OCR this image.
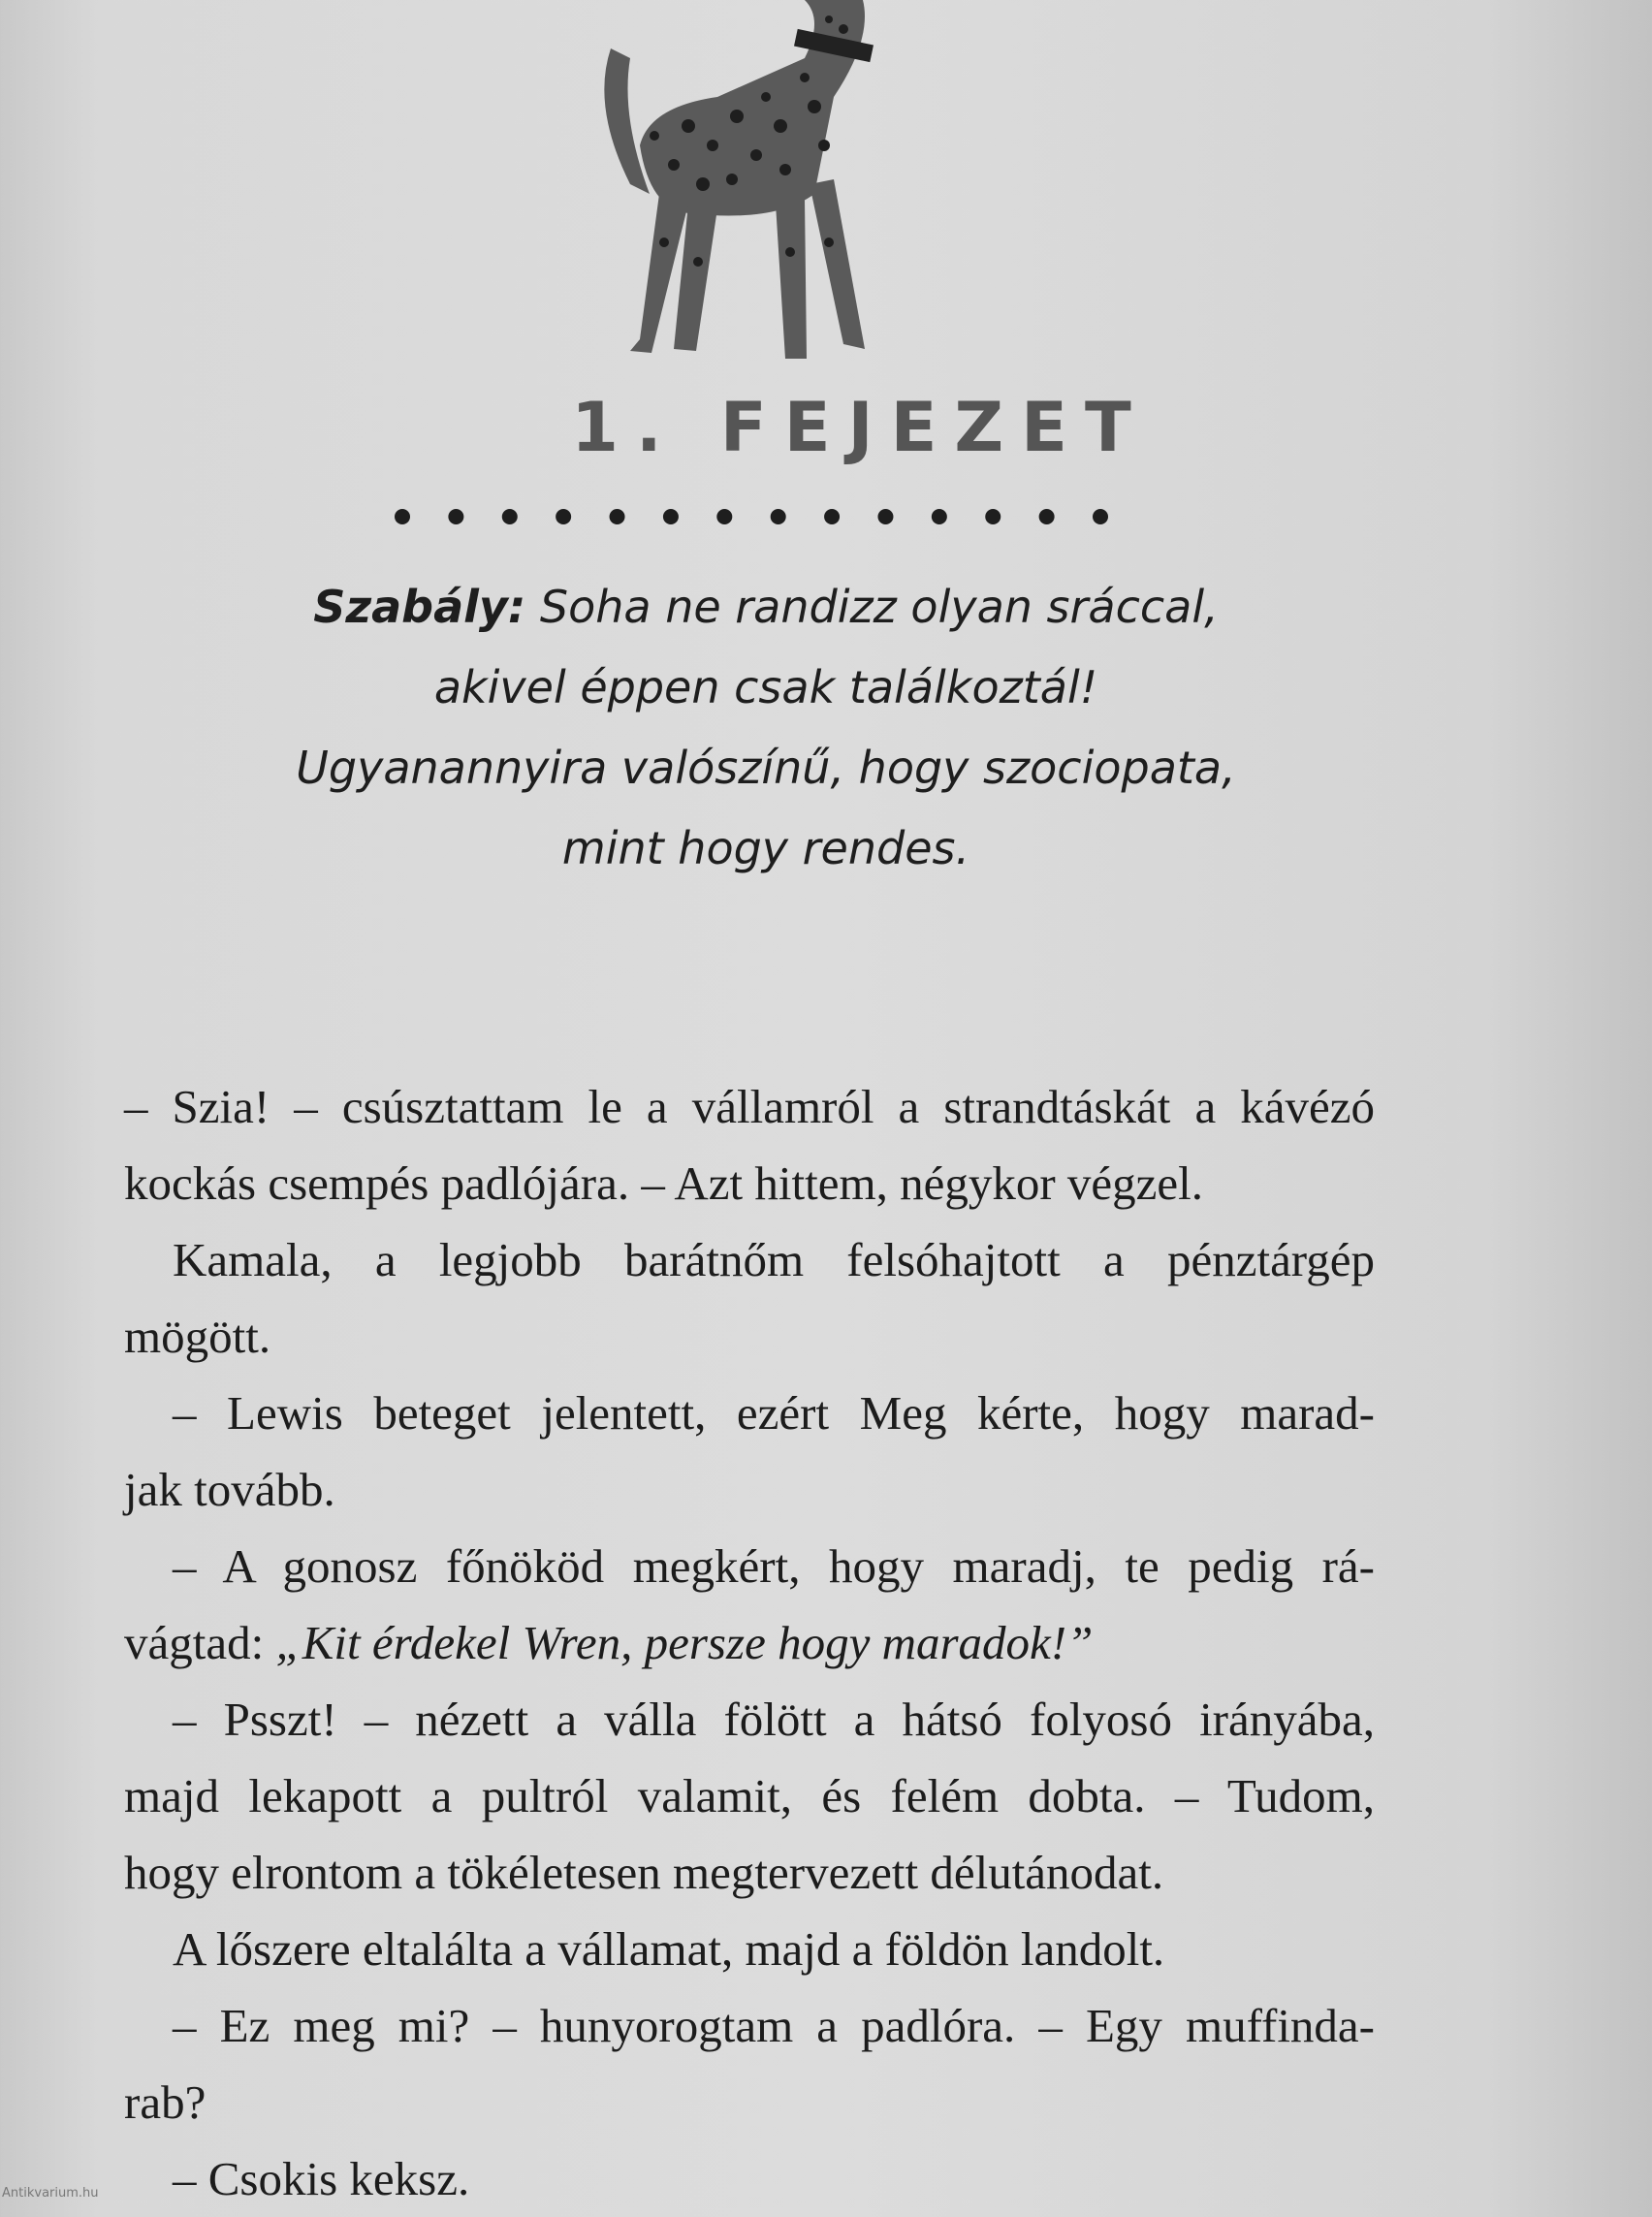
1. FEJEZET
Szabály: Soha ne randizz olyan sráccal,
akivel éppen csak találkoztál!
Ugyanannyira valószínű, hogy szociopata,
mint hogy rendes.
– Szia! – csúsztattam le a vállamról a strandtáskát a kávézó
kockás csempés padlójára. – Azt hittem, négykor végzel.
Kamala, a legjobb barátnőm felsóhajtott a pénztárgép
mögött.
– Lewis beteget jelentett, ezért Meg kérte, hogy marad-
jak tovább.
– A gonosz főnököd megkért, hogy maradj, te pedig rá-
vágtad: „Kit érdekel Wren, persze hogy maradok!”
– Psszt! – nézett a válla fölött a hátsó folyosó irányába,
majd lekapott a pultról valamit, és felém dobta. – Tudom,
hogy elrontom a tökéletesen megtervezett délutánodat.
A lőszere eltalálta a vállamat, majd a földön landolt.
– Ez meg mi? – hunyorogtam a padlóra. – Egy muffinda-
rab?
– Csokis keksz.
Antikvarium.hu
